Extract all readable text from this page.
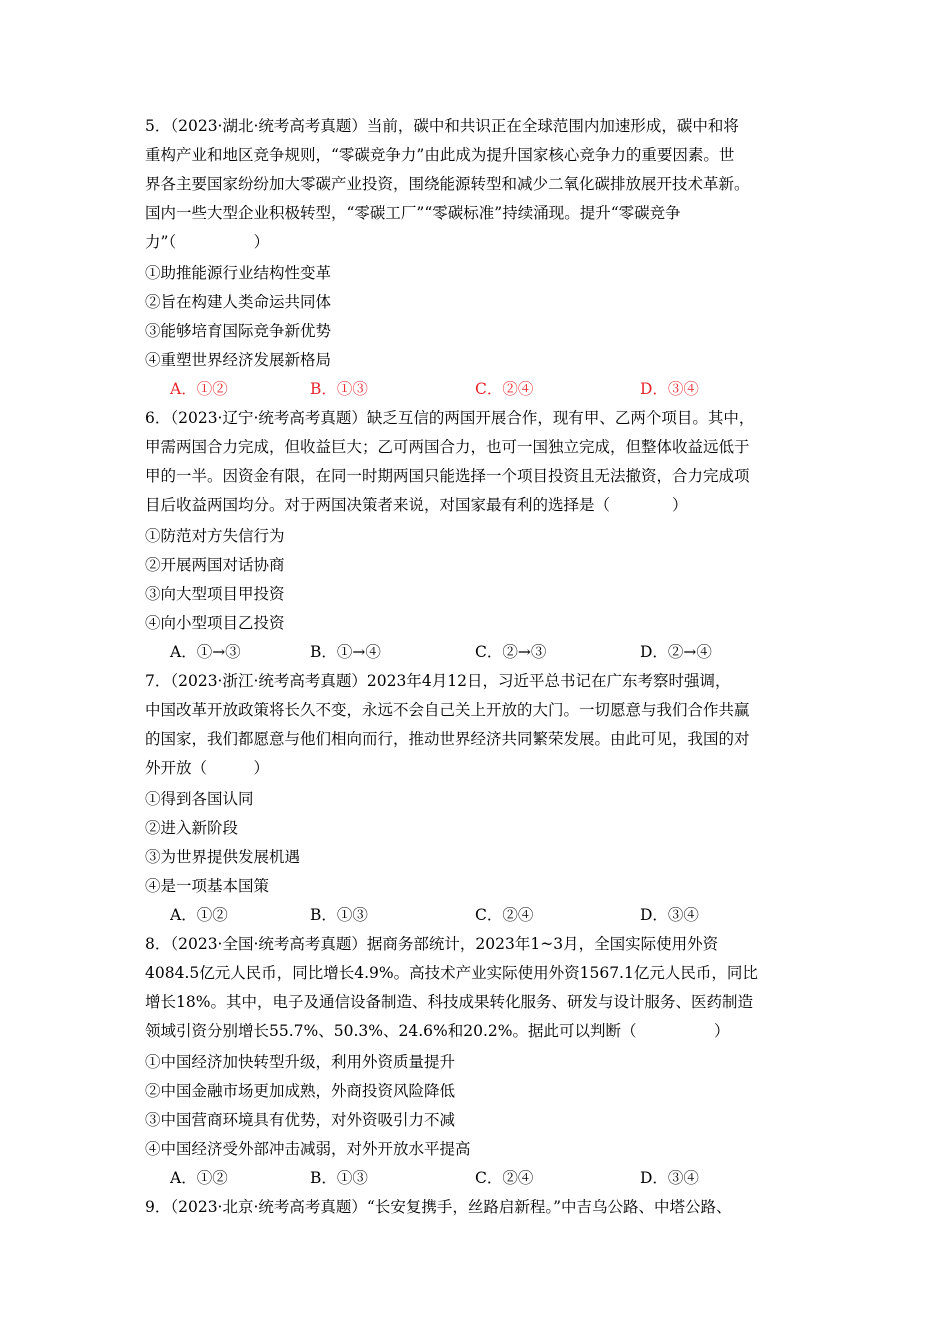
5．（2023·湖北·统考高考真题）当前，碳中和共识正在全球范围内加速形成，碳中和将
重构产业和地区竞争规则，“零碳竞争力”由此成为提升国家核心竞争力的重要因素。世
界各主要国家纷纷加大零碳产业投资，围绕能源转型和减少二氧化碳排放展开技术革新。
国内一些大型企业积极转型，“零碳工厂”“零碳标准”持续涌现。提升“零碳竞争
力”（　　　　　）
①助推能源行业结构性变革
②旨在构建人类命运共同体
③能够培育国际竞争新优势
④重塑世界经济发展新格局
A．①②	B．①③	C．②④	D．③④
6．（2023·辽宁·统考高考真题）缺乏互信的两国开展合作，现有甲、乙两个项目。其中，
甲需两国合力完成，但收益巨大；乙可两国合力，也可一国独立完成，但整体收益远低于
甲的一半。因资金有限，在同一时期两国只能选择一个项目投资且无法撤资，合力完成项
目后收益两国均分。对于两国决策者来说，对国家最有利的选择是（　　　　）
①防范对方失信行为
②开展两国对话协商
③向大型项目甲投资
④向小型项目乙投资
A．①→③	B．①→④	C．②→③	D．②→④
7．（2023·浙江·统考高考真题）2023年4月12日，习近平总书记在广东考察时强调，
中国改革开放政策将长久不变，永远不会自己关上开放的大门。一切愿意与我们合作共赢
的国家，我们都愿意与他们相向而行，推动世界经济共同繁荣发展。由此可见，我国的对
外开放（　　　）
①得到各国认同
②进入新阶段
③为世界提供发展机遇
④是一项基本国策
A．①②	B．①③	C．②④	D．③④
8．（2023·全国·统考高考真题）据商务部统计，2023年1~3月，全国实际使用外资
4084.5亿元人民币，同比增长4.9%。高技术产业实际使用外资1567.1亿元人民币，同比
增长18%。其中，电子及通信设备制造、科技成果转化服务、研发与设计服务、医药制造
领域引资分别增长55.7%、50.3%、24.6%和20.2%。据此可以判断（　　　　　）
①中国经济加快转型升级，利用外资质量提升
②中国金融市场更加成熟，外商投资风险降低
③中国营商环境具有优势，对外资吸引力不减
④中国经济受外部冲击减弱，对外开放水平提高
A．①②	B．①③	C．②④	D．③④
9．（2023·北京·统考高考真题）“长安复携手，丝路启新程。”中吉乌公路、中塔公路、
